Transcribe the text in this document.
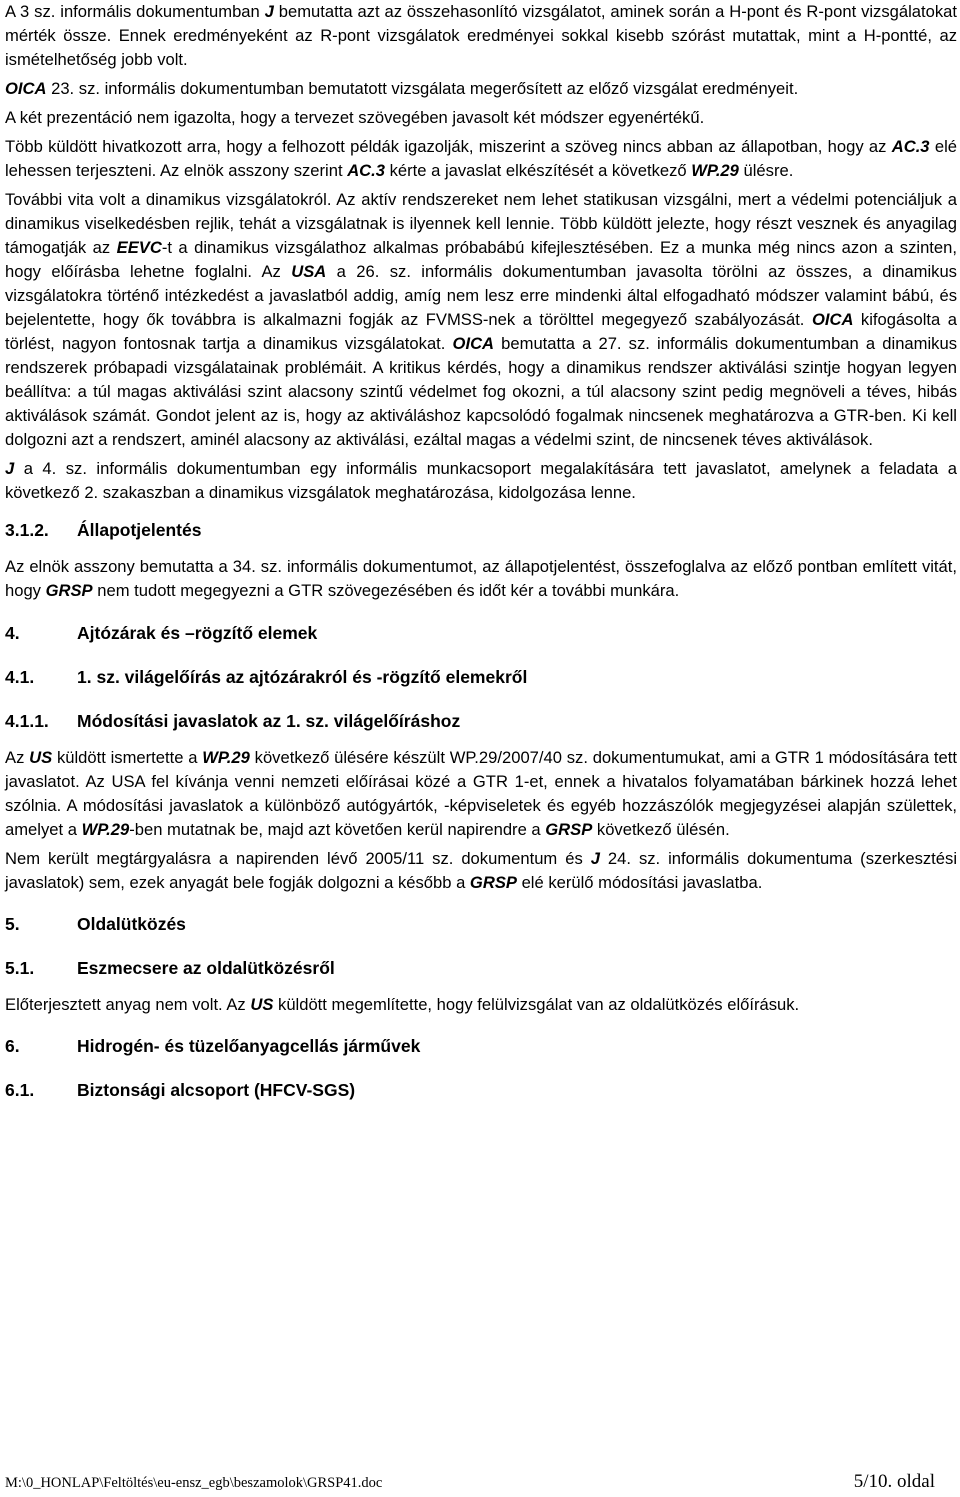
A 3 sz. informális dokumentumban J bemutatta azt az összehasonlító vizsgálatot, aminek során a H-pont és R-pont vizsgálatokat mérték össze. Ennek eredményeként az R-pont vizsgálatok eredményei sokkal kisebb szórást mutattak, mint a H-pontté, az ismételhetőség jobb volt.

OICA 23. sz. informális dokumentumban bemutatott vizsgálata megerősített az előző vizsgálat eredményeit.

A két prezentáció nem igazolta, hogy a tervezet szövegében javasolt két módszer egyenértékű.

Több küldött hivatkozott arra, hogy a felhozott példák igazolják, miszerint a szöveg nincs abban az állapotban, hogy az AC.3 elé lehessen terjeszteni. Az elnök asszony szerint AC.3 kérte a javaslat elkészítését a következő WP.29 ülésre.

További vita volt a dinamikus vizsgálatokról. Az aktív rendszereket nem lehet statikusan vizsgálni, mert a védelmi potenciáljuk a dinamikus viselkedésben rejlik, tehát a vizsgálatnak is ilyennek kell lennie. Több küldött jelezte, hogy részt vesznek és anyagilag támogatják az EEVC-t a dinamikus vizsgálathoz alkalmas próbabábú kifejlesztésében. Ez a munka még nincs azon a szinten, hogy előírásba lehetne foglalni. Az USA a 26. sz. informális dokumentumban javasolta törölni az összes, a dinamikus vizsgálatokra történő intézkedést a javaslatból addig, amíg nem lesz erre mindenki által elfogadható módszer valamint bábú, és bejelentette, hogy ők továbbra is alkalmazni fogják az FVMSS-nek a törölttel megegyező szabályozását. OICA kifogásolta a törlést, nagyon fontosnak tartja a dinamikus vizsgálatokat. OICA bemutatta a 27. sz. informális dokumentumban a dinamikus rendszerek próbapadi vizsgálatainak problémáit. A kritikus kérdés, hogy a dinamikus rendszer aktiválási szintje hogyan legyen beállítva: a túl magas aktiválási szint alacsony szintű védelmet fog okozni, a túl alacsony szint pedig megnöveli a téves, hibás aktiválások számát. Gondot jelent az is, hogy az aktiváláshoz kapcsolódó fogalmak nincsenek meghatározva a GTR-ben. Ki kell dolgozni azt a rendszert, aminél alacsony az aktiválási, ezáltal magas a védelmi szint, de nincsenek téves aktiválások.

J a 4. sz. informális dokumentumban egy informális munkacsoport megalakítására tett javaslatot, amelynek a feladata a következő 2. szakaszban a dinamikus vizsgálatok meghatározása, kidolgozása lenne.

3.1.2.	Állapotjelentés

Az elnök asszony bemutatta a 34. sz. informális dokumentumot, az állapotjelentést, összefoglalva az előző pontban említett vitát, hogy GRSP nem tudott megegyezni a GTR szövegezésében és időt kér a további munkára.

4.	Ajtózárak és –rögzítő elemek
4.1.	1. sz. világelőírás az ajtózárakról és -rögzítő elemekről
4.1.1.	Módosítási javaslatok az 1. sz. világelőíráshoz

Az US küldött ismertette a WP.29 következő ülésére készült WP.29/2007/40 sz. dokumentumukat, ami a GTR 1 módosítására tett javaslatot. Az USA fel kívánja venni nemzeti előírásai közé a GTR 1-et, ennek a hivatalos folyamatában bárkinek hozzá lehet szólnia. A módosítási javaslatok a különböző autógyártók, -képviseletek és egyéb hozzászólók megjegyzései alapján születtek, amelyet a WP.29-ben mutatnak be, majd azt követően kerül napirendre a GRSP következő ülésén.

Nem került megtárgyalásra a napirenden lévő 2005/11 sz. dokumentum és J 24. sz. informális dokumentuma (szerkesztési javaslatok) sem, ezek anyagát bele fogják dolgozni a később a GRSP elé kerülő módosítási javaslatba.

5.	Oldalütközés
5.1.	Eszmecsere az oldalütközésről

Előterjesztett anyag nem volt. Az US küldött megemlítette, hogy felülvizsgálat van az oldalütközés előírásuk.

6.	Hidrogén- és tüzelőanyagcellás járművek
6.1.	Biztonsági alcsoport (HFCV-SGS)
M:\0_HONLAP\Feltöltés\eu-ensz_egb\beszamolok\GRSP41.doc	5/10. oldal
